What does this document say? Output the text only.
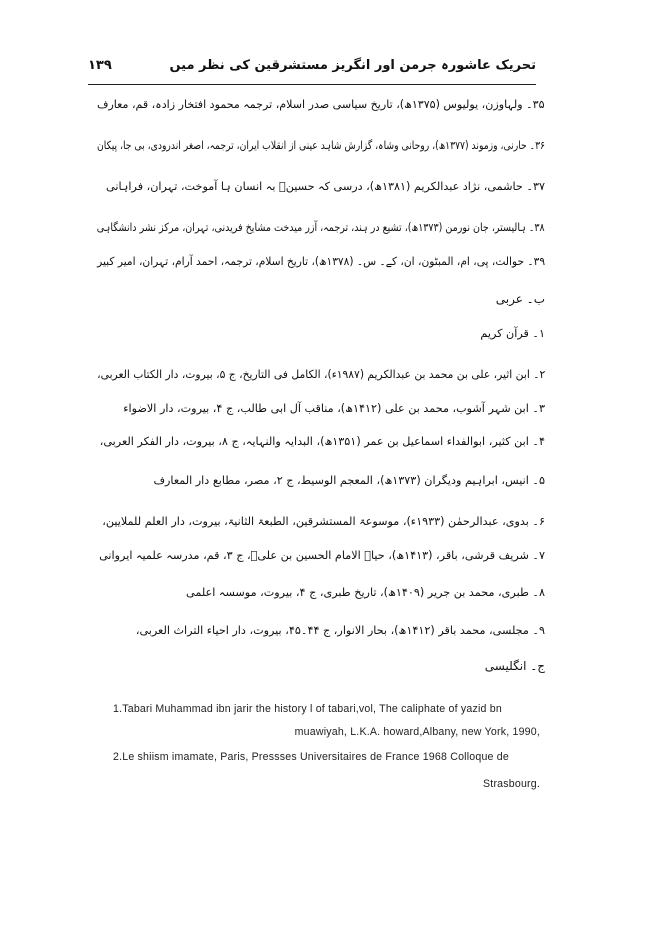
تحریک عاشورہ جرمن اور انگریز مستشرقین کی نظر میں
۱۳۹
۳۵۔ ولہاوزن، یولیوس (۱۳۷۵ھ)، تاریخ سیاسی صدر اسلام، ترجمہ محمود افتخار زادہ، قم، معارف
۳۶۔ حارنی، وزموند (۱۳۷۷ھ)، روحانی وشاہ، گزارش شاہد عینی از انقلاب ایران، ترجمہ، اصغر اندرودی، بی جا، پیکان
۳۷۔ حاشمی، نژاد عبدالکریم (۱۳۸۱ھ)، درسی کہ حسینؑ بہ انسان ہا آموخت، تہران، فراہانی
۳۸۔ ہالیستر، جان نورمن (۱۳۷۳ھ)، تشیع در ہند، ترجمہ، آزر میدخت مشایخ فریدنی، تہران، مرکز نشر دانشگاہی
۳۹۔ حوالت، پی، ام، المبٹون، ان، کے۔ س۔ (۱۳۷۸ھ)، تاریخ اسلام، ترجمہ، احمد آرام، تہران، امیر کبیر
ب۔ عربی
۱۔ قرآن کریم
۲۔ ابن اثیر، علی بن محمد بن عبدالکریم (۱۹۸۷ء)، الکامل فی التاریخ، ج ۵، بیروت، دار الکتاب العربی،
۳۔ ابن شہر آشوب، محمد بن علی (۱۴۱۲ھ)، مناقب آل ابی طالب، ج ۴، بیروت، دار الاضواء
۴۔ ابن کثیر، ابوالفداء اسماعیل بن عمر (۱۳۵۱ھ)، البدایہ والنہایہ، ج ۸، بیروت، دار الفکر العربی،
۵۔ انیس، ابراہیم ودیگران (۱۳۷۳ھ)، المعجم الوسیط، ج ۲، مصر، مطابع دار المعارف
۶۔ بدوی، عبدالرحمٰن (۱۹۳۳ء)، موسوعۃ المستشرقین، الطبعۃ الثانیۃ، بیروت، دار العلم للملایین،
۷۔ شریف قرشی، باقر، (۱۴۱۳ھ)، حیاۃ الامام الحسین بن علیؑ، ج ۳، قم، مدرسہ علمیہ ایروانی
۸۔ طبری، محمد بن جریر (۱۴۰۹ھ)، تاریخ طبری، ج ۴، بیروت، موسسہ اعلمی
۹۔ مجلسی، محمد باقر (۱۴۱۲ھ)، بحار الانوار، ج ۴۴۔۴۵، بیروت، دار احیاء التراث العربی،
ج۔ انگلیسی
1.Tabari Muhammad ibn jarir the history l of tabari,vol, The caliphate of yazid bn
muawiyah, L.K.A. howard,Albany, new York, 1990,
2.Le shiism imamate, Paris, Pressses Universitaires de France 1968 Colloque de
Strasbourg.
